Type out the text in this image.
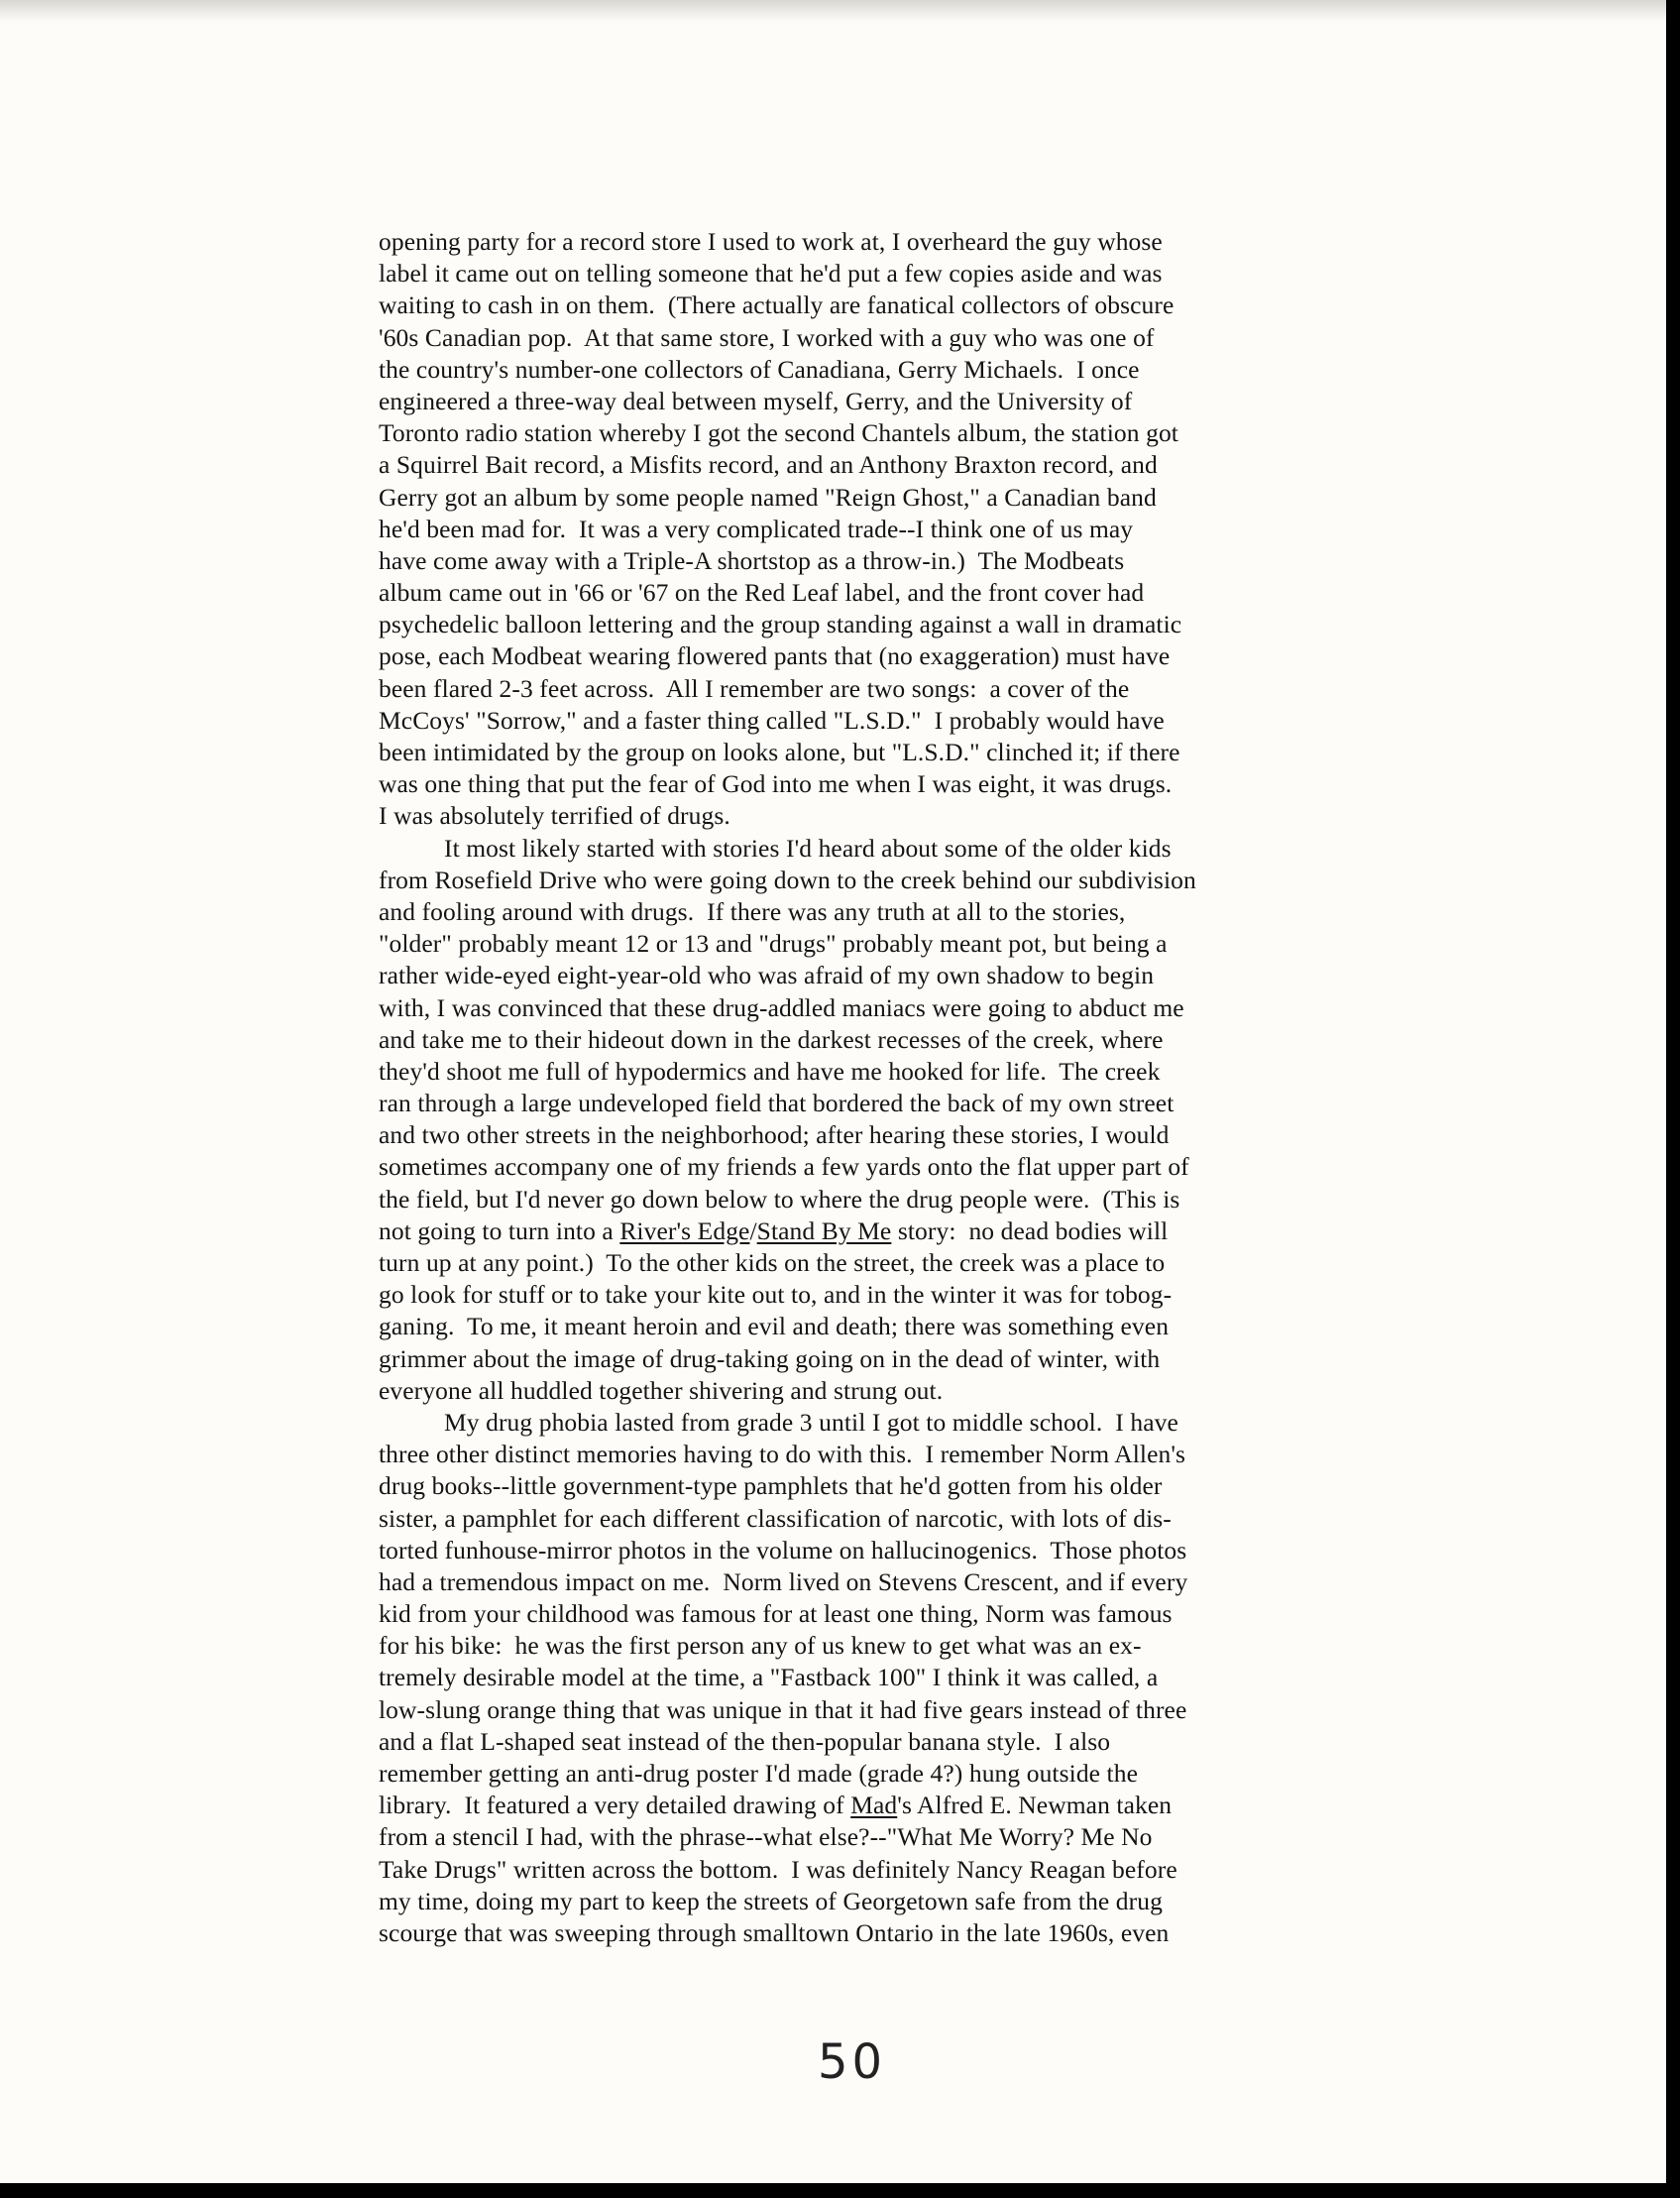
opening party for a record store I used to work at, I overheard the guy whose
label it came out on telling someone that he'd put a few copies aside and was
waiting to cash in on them.  (There actually are fanatical collectors of obscure
'60s Canadian pop.  At that same store, I worked with a guy who was one of
the country's number-one collectors of Canadiana, Gerry Michaels.  I once
engineered a three-way deal between myself, Gerry, and the University of
Toronto radio station whereby I got the second Chantels album, the station got
a Squirrel Bait record, a Misfits record, and an Anthony Braxton record, and
Gerry got an album by some people named "Reign Ghost," a Canadian band
he'd been mad for.  It was a very complicated trade--I think one of us may
have come away with a Triple-A shortstop as a throw-in.)  The Modbeats
album came out in '66 or '67 on the Red Leaf label, and the front cover had
psychedelic balloon lettering and the group standing against a wall in dramatic
pose, each Modbeat wearing flowered pants that (no exaggeration) must have
been flared 2-3 feet across.  All I remember are two songs:  a cover of the
McCoys' "Sorrow," and a faster thing called "L.S.D."  I probably would have
been intimidated by the group on looks alone, but "L.S.D." clinched it; if there
was one thing that put the fear of God into me when I was eight, it was drugs.
I was absolutely terrified of drugs.
It most likely started with stories I'd heard about some of the older kids
from Rosefield Drive who were going down to the creek behind our subdivision
and fooling around with drugs.  If there was any truth at all to the stories,
"older" probably meant 12 or 13 and "drugs" probably meant pot, but being a
rather wide-eyed eight-year-old who was afraid of my own shadow to begin
with, I was convinced that these drug-addled maniacs were going to abduct me
and take me to their hideout down in the darkest recesses of the creek, where
they'd shoot me full of hypodermics and have me hooked for life.  The creek
ran through a large undeveloped field that bordered the back of my own street
and two other streets in the neighborhood; after hearing these stories, I would
sometimes accompany one of my friends a few yards onto the flat upper part of
the field, but I'd never go down below to where the drug people were.  (This is
not going to turn into a River's Edge/Stand By Me story:  no dead bodies will
turn up at any point.)  To the other kids on the street, the creek was a place to
go look for stuff or to take your kite out to, and in the winter it was for tobog-
ganing.  To me, it meant heroin and evil and death; there was something even
grimmer about the image of drug-taking going on in the dead of winter, with
everyone all huddled together shivering and strung out.
My drug phobia lasted from grade 3 until I got to middle school.  I have
three other distinct memories having to do with this.  I remember Norm Allen's
drug books--little government-type pamphlets that he'd gotten from his older
sister, a pamphlet for each different classification of narcotic, with lots of dis-
torted funhouse-mirror photos in the volume on hallucinogenics.  Those photos
had a tremendous impact on me.  Norm lived on Stevens Crescent, and if every
kid from your childhood was famous for at least one thing, Norm was famous
for his bike:  he was the first person any of us knew to get what was an ex-
tremely desirable model at the time, a "Fastback 100" I think it was called, a
low-slung orange thing that was unique in that it had five gears instead of three
and a flat L-shaped seat instead of the then-popular banana style.  I also
remember getting an anti-drug poster I'd made (grade 4?) hung outside the
library.  It featured a very detailed drawing of Mad's Alfred E. Newman taken
from a stencil I had, with the phrase--what else?--"What Me Worry? Me No
Take Drugs" written across the bottom.  I was definitely Nancy Reagan before
my time, doing my part to keep the streets of Georgetown safe from the drug
scourge that was sweeping through smalltown Ontario in the late 1960s, even
50
